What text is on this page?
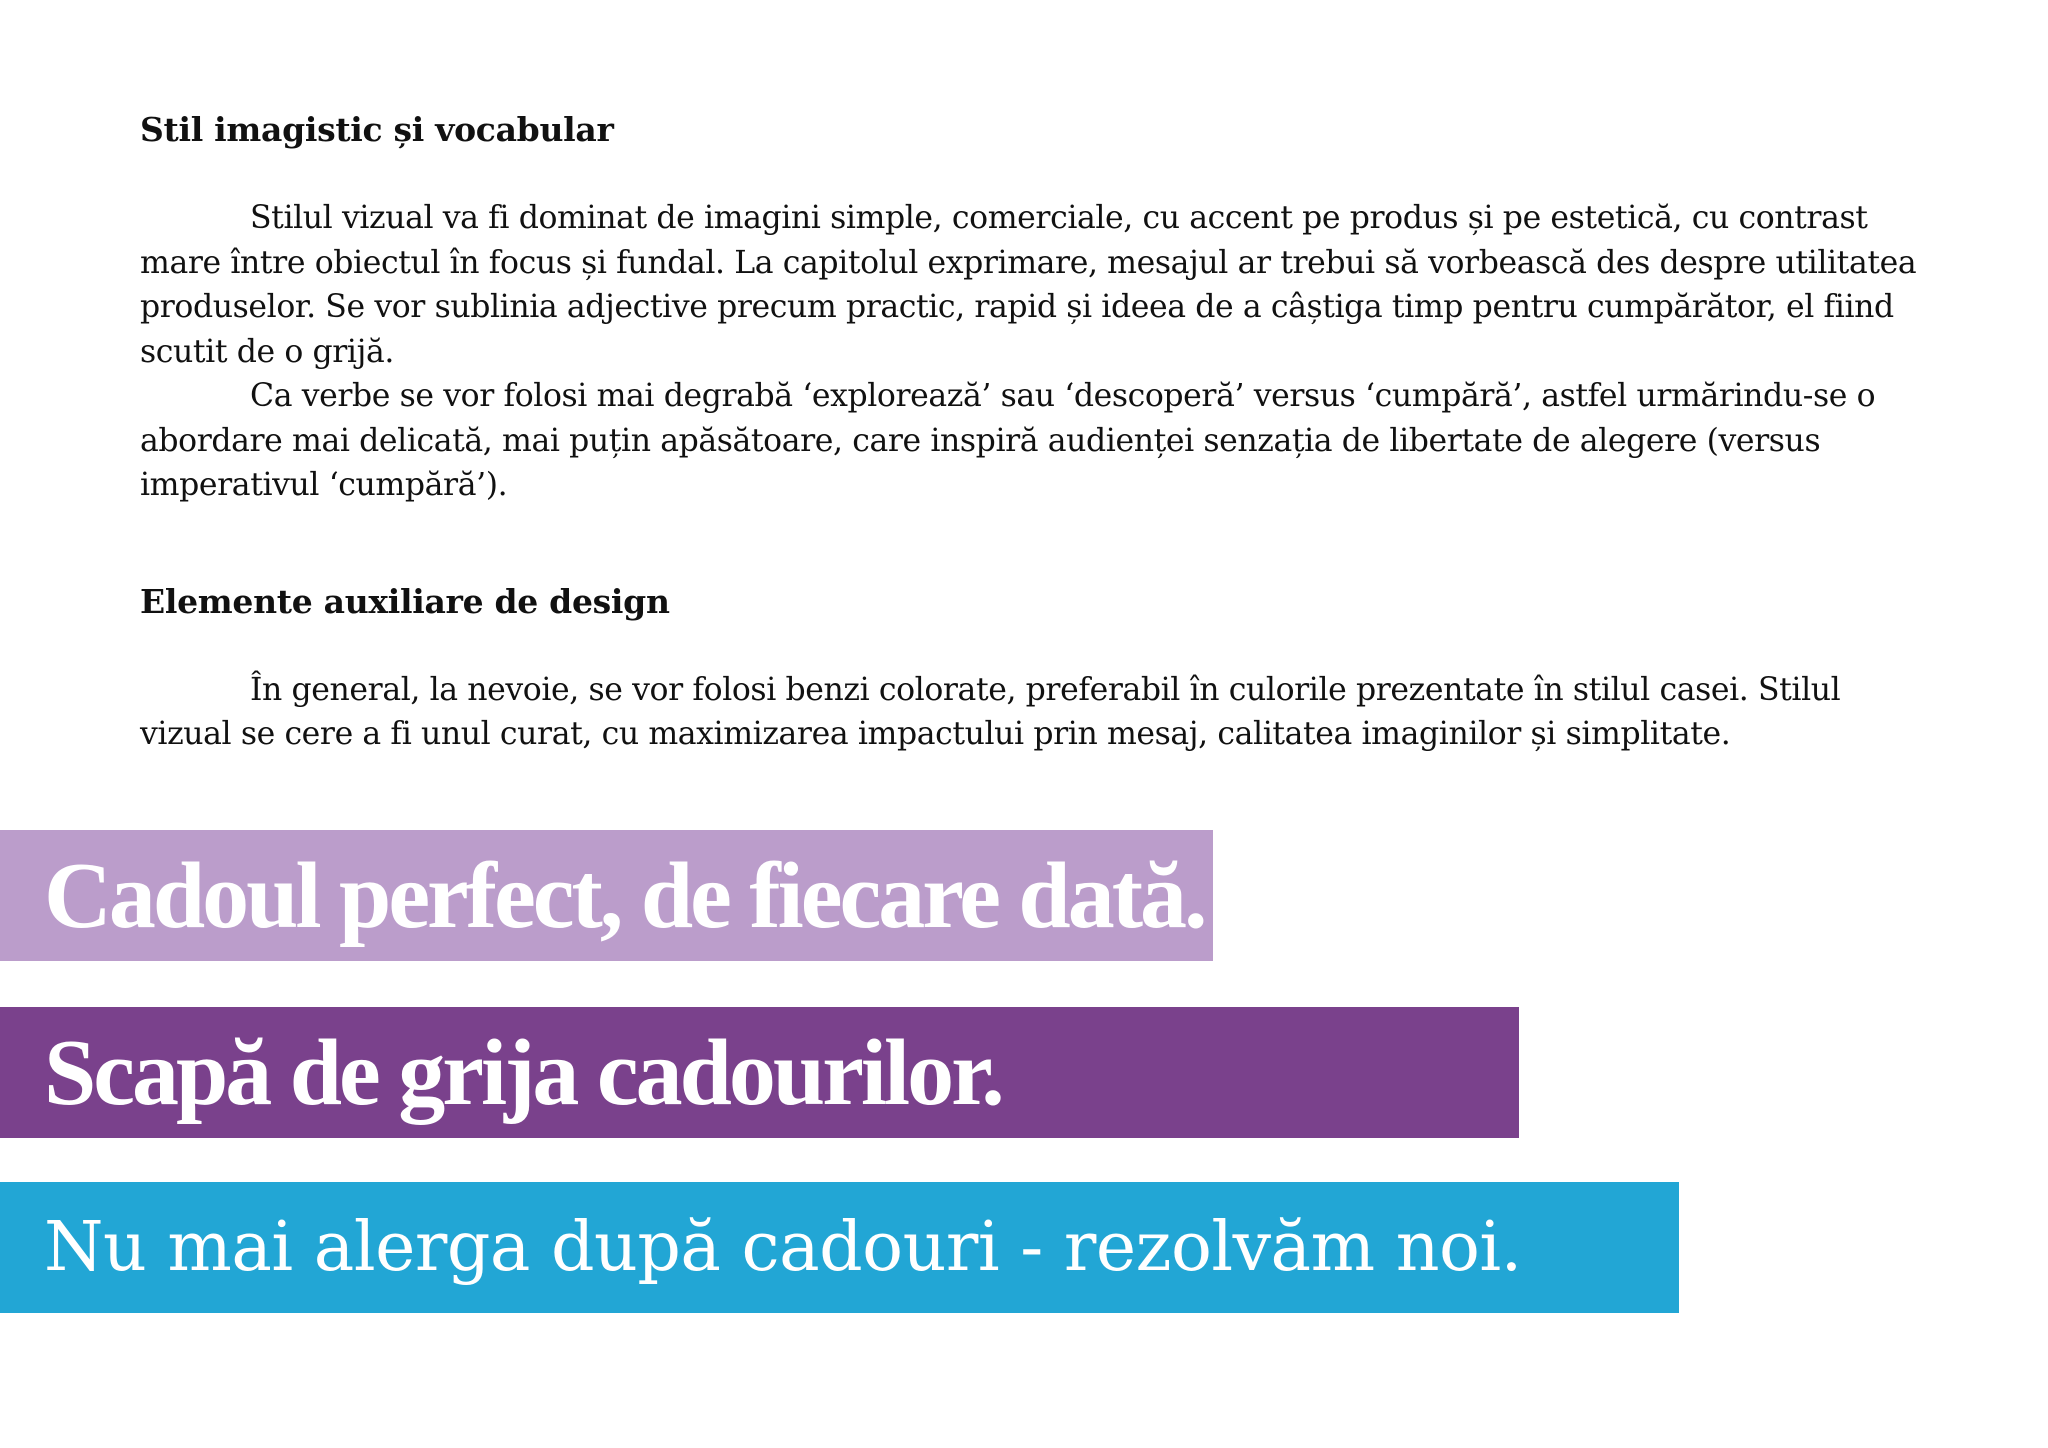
Stil imagistic și vocabular

Stilul vizual va fi dominat de imagini simple, comerciale, cu accent pe produs și pe estetică, cu contrast mare între obiectul în focus și fundal. La capitolul exprimare, mesajul ar trebui să vorbească des despre utilitatea produselor. Se vor sublinia adjective precum practic, rapid și ideea de a câștiga timp pentru cumpărător, el fiind scutit de o grijă.

Ca verbe se vor folosi mai degrabă ‘explorează’ sau ‘descoperă’ versus ‘cumpără’, astfel urmărindu-se o abordare mai delicată, mai puțin apăsătoare, care inspiră audienței senzația de libertate de alegere (versus imperativul ‘cumpără’).

Elemente auxiliare de design

În general, la nevoie, se vor folosi benzi colorate, preferabil în culorile prezentate în stilul casei. Stilul vizual se cere a fi unul curat, cu maximizarea impactului prin mesaj, calitatea imaginilor și simplitate.

Cadoul perfect, de fiecare dată.
Scapă de grija cadourilor.
Nu mai alerga după cadouri - rezolvăm noi.
